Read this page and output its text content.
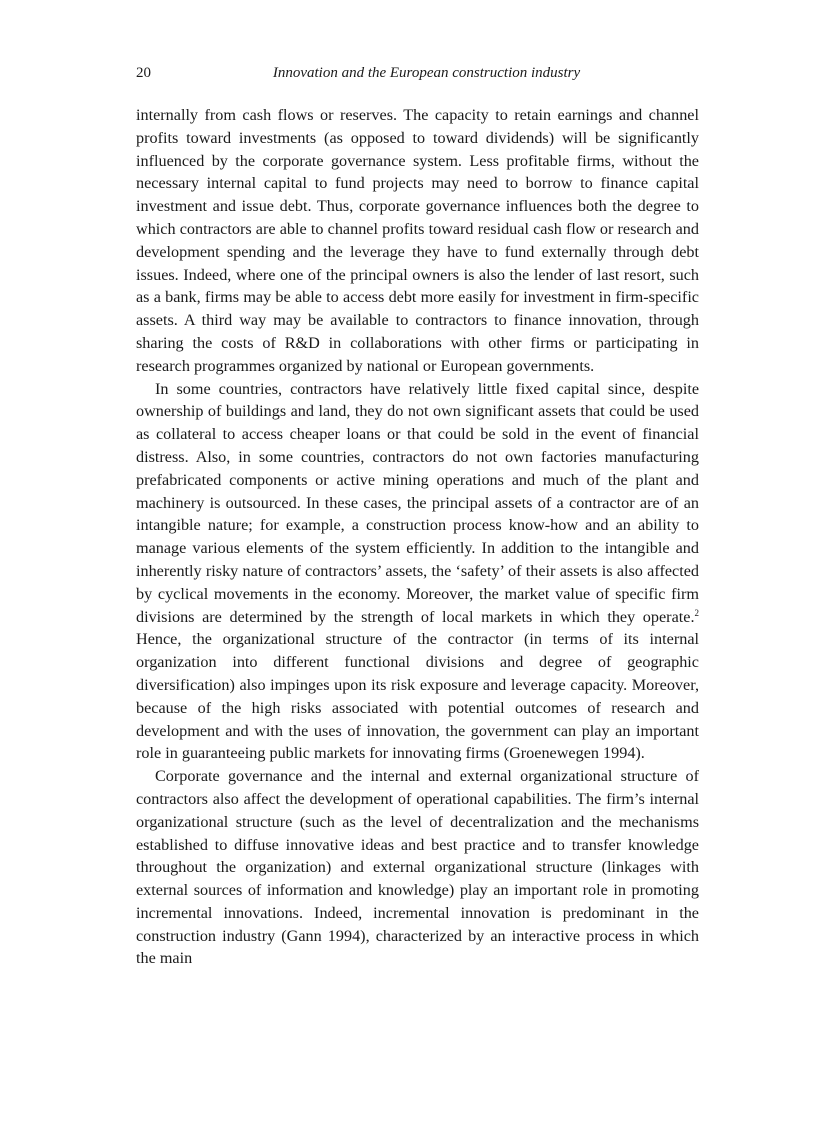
20	Innovation and the European construction industry

internally from cash flows or reserves. The capacity to retain earnings and channel profits toward investments (as opposed to toward dividends) will be significantly influenced by the corporate governance system. Less profitable firms, without the necessary internal capital to fund projects may need to borrow to finance capital investment and issue debt. Thus, corporate governance influences both the degree to which contractors are able to channel profits toward residual cash flow or research and development spending and the leverage they have to fund externally through debt issues. Indeed, where one of the principal owners is also the lender of last resort, such as a bank, firms may be able to access debt more easily for investment in firm-specific assets. A third way may be available to contractors to finance innovation, through sharing the costs of R&D in collaborations with other firms or participating in research programmes organized by national or European governments.

In some countries, contractors have relatively little fixed capital since, despite ownership of buildings and land, they do not own significant assets that could be used as collateral to access cheaper loans or that could be sold in the event of financial distress. Also, in some countries, contractors do not own factories manufacturing prefabricated components or active mining operations and much of the plant and machinery is outsourced. In these cases, the principal assets of a contractor are of an intangible nature; for example, a construction process know-how and an ability to manage various elements of the system efficiently. In addition to the intangible and inherently risky nature of contractors’ assets, the ‘safety’ of their assets is also affected by cyclical movements in the economy. Moreover, the market value of specific firm divisions are determined by the strength of local markets in which they operate.$^2$ Hence, the organizational structure of the contractor (in terms of its internal organization into different functional divisions and degree of geographic diversification) also impinges upon its risk exposure and leverage capacity. Moreover, because of the high risks associated with potential outcomes of research and development and with the uses of innovation, the government can play an important role in guaranteeing public markets for innovating firms (Groenewegen 1994).

Corporate governance and the internal and external organizational structure of contractors also affect the development of operational capabilities. The firm’s internal organizational structure (such as the level of decentralization and the mechanisms established to diffuse innovative ideas and best practice and to transfer knowledge throughout the organization) and external organizational structure (linkages with external sources of information and knowledge) play an important role in promoting incremental innovations. Indeed, incremental innovation is predominant in the construction industry (Gann 1994), characterized by an interactive process in which the main
